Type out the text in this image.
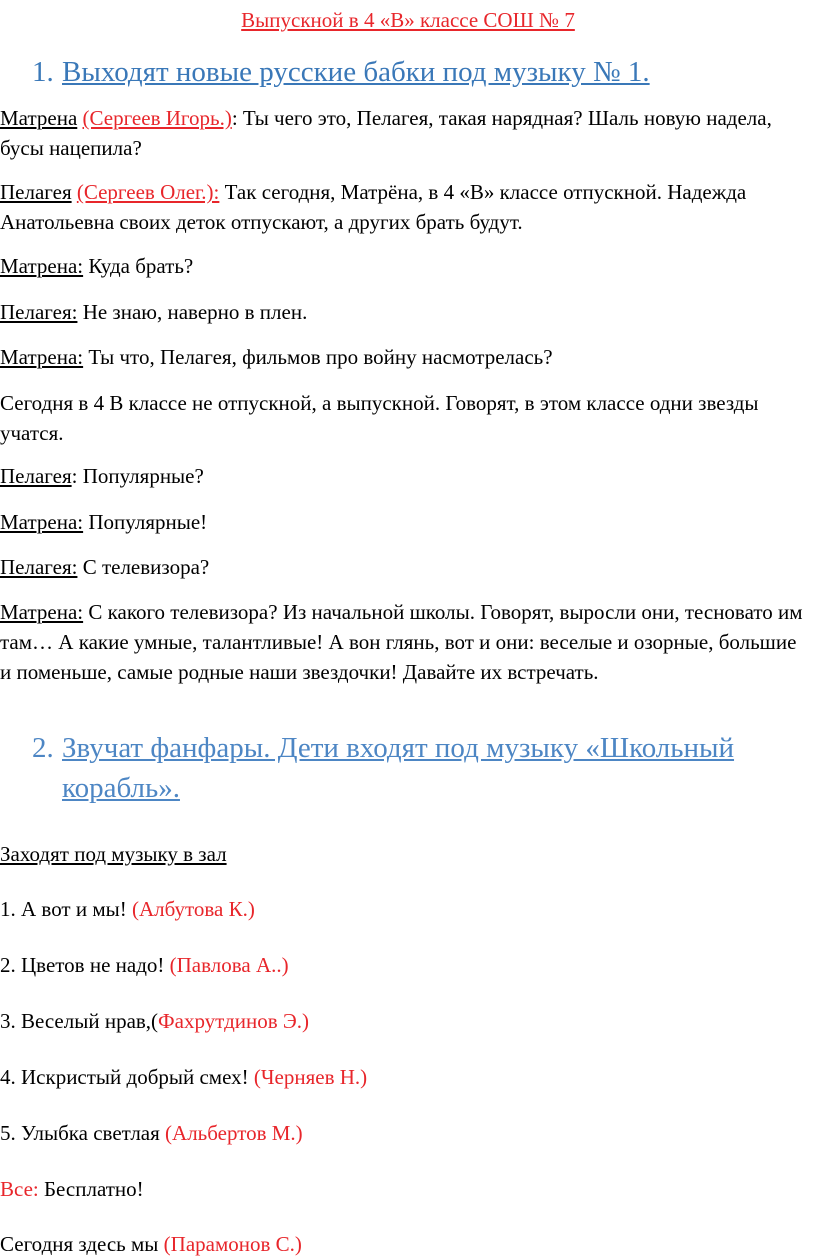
Выпускной в 4 «В» классе СОШ № 7
1. Выходят новые русские бабки под музыку № 1.
Матрена (Сергеев Игорь.): Ты чего это, Пелагея, такая нарядная? Шаль новую надела, бусы нацепила?
Пелагея (Сергеев Олег.): Так сегодня, Матрёна, в 4 «В» классе отпускной. Надежда Анатольевна своих деток отпускают, а других брать будут.
Матрена: Куда брать?
Пелагея: Не знаю, наверно в плен.
Матрена: Ты что, Пелагея, фильмов про войну насмотрелась?
Сегодня в 4 В классе не отпускной, а выпускной. Говорят, в этом классе одни звезды учатся.
Пелагея: Популярные?
Матрена: Популярные!
Пелагея: С телевизора?
Матрена: С какого телевизора? Из начальной школы. Говорят, выросли они, тесновато им там… А какие умные, талантливые! А вон глянь, вот и они: веселые и озорные, большие и поменьше, самые родные наши звездочки! Давайте их встречать.
2. Звучат фанфары. Дети входят под музыку «Школьный корабль».
Заходят под музыку в зал
1. А вот и мы! (Албутова К.)
2. Цветов не надо! (Павлова А..)
3. Веселый нрав,(Фахрутдинов Э.)
4. Искристый добрый смех! (Черняев Н.)
5. Улыбка светлая (Альбертов М.)
Все: Бесплатно!
Сегодня здесь мы (Парамонов С.)
